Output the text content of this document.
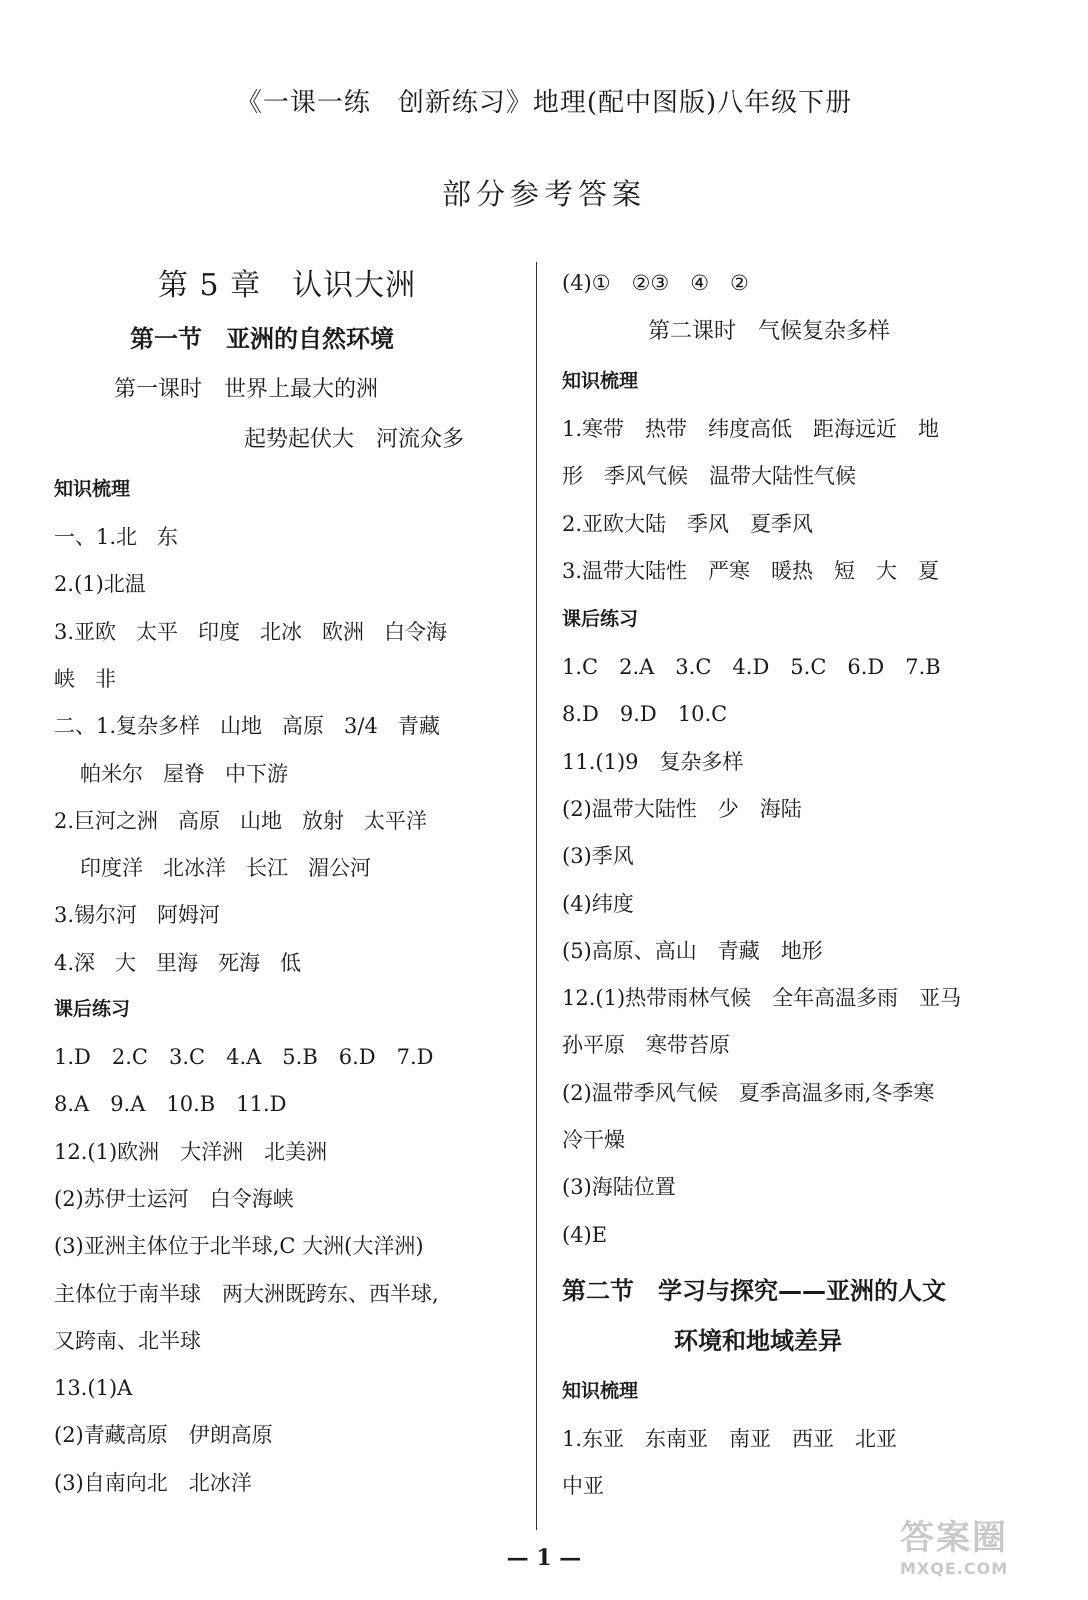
《一课一练　创新练习》地理(配中图版)八年级下册
部分参考答案
第 5 章　认识大洲
第一节　亚洲的自然环境
第一课时　世界上最大的洲
起势起伏大　河流众多
知识梳理
一、1.北 东
2.(1)北温
3.亚欧 太平 印度 北冰 欧洲 白令海
峡 非
二、1.复杂多样 山地 高原 3/4 青藏
帕米尔 屋脊 中下游
2.巨河之洲 高原 山地 放射 太平洋
印度洋 北冰洋 长江 湄公河
3.锡尔河 阿姆河
4.深 大 里海 死海 低
课后练习
1.D　2.C　3.C　4.A　5.B　6.D　7.D
8.A　9.A　10.B　11.D
12.(1)欧洲　大洋洲　北美洲
(2)苏伊士运河　白令海峡
(3)亚洲主体位于北半球,C 大洲(大洋洲)
主体位于南半球　两大洲既跨东、西半球,
又跨南、北半球
13.(1)A
(2)青藏高原　伊朗高原
(3)自南向北　北冰洋
(4)①　②③　④　②
第二课时　气候复杂多样
知识梳理
1.寒带　热带　纬度高低　距海远近　地
形　季风气候　温带大陆性气候
2.亚欧大陆　季风　夏季风
3.温带大陆性　严寒　暖热　短　大　夏
课后练习
1.C　2.A　3.C　4.D　5.C　6.D　7.B
8.D　9.D　10.C
11.(1)9　复杂多样
(2)温带大陆性　少　海陆
(3)季风
(4)纬度
(5)高原、高山　青藏　地形
12.(1)热带雨林气候　全年高温多雨　亚马
孙平原　寒带苔原
(2)温带季风气候　夏季高温多雨,冬季寒
冷干燥
(3)海陆位置
(4)E
第二节　学习与探究——亚洲的人文
环境和地域差异
知识梳理
1.东亚　东南亚　南亚　西亚　北亚
中亚
— 1 —	答案圈
MXQE.COM
